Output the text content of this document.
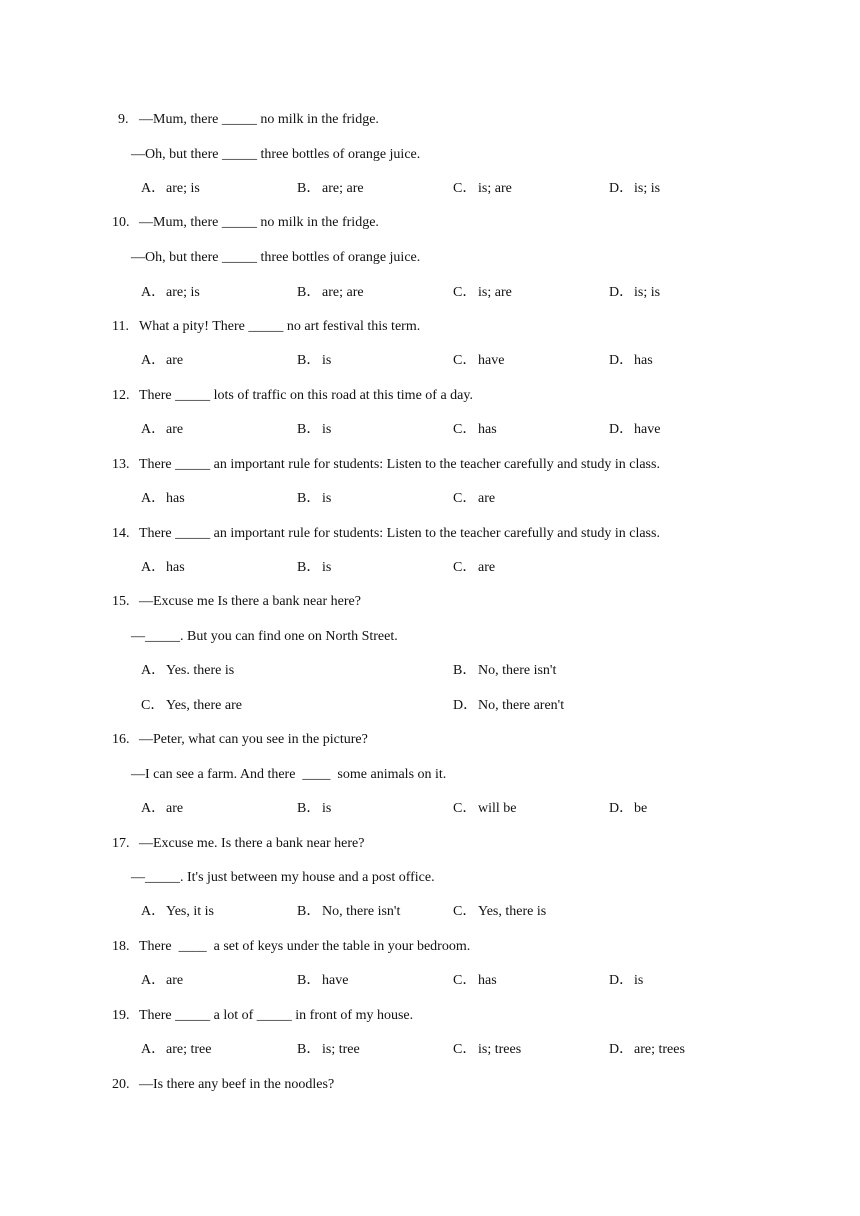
9. —Mum, there _____ no milk in the fridge.
—Oh, but there _____ three bottles of orange juice.
A．are; is	B． are; are	C． is; are	D．is; is
10. —Mum, there _____ no milk in the fridge.
—Oh, but there _____ three bottles of orange juice.
A．are; is	B． are; are	C． is; are	D．is; is
11. What a pity! There _____ no art festival this term.
A．are	B． is	C． have	D．has
12. There _____ lots of traffic on this road at this time of a day.
A．are	B． is	C． has	D．have
13. There _____ an important rule for students: Listen to the teacher carefully and study in class.
A．has	B． is	C． are
14. There _____ an important rule for students: Listen to the teacher carefully and study in class.
A．has	B． is	C． are
15. —Excuse me Is there a bank near here?
—_____. But you can find one on North Street.
A．Yes. there is	B． No, there isn't
C． Yes, there are	D．No, there aren't
16. —Peter, what can you see in the picture?
—I can see a farm. And there  ____  some animals on it.
A．are	B． is	C． will be	D．be
17. —Excuse me. Is there a bank near here?
—_____. It's just between my house and a post office.
A．Yes, it is	B． No, there isn't	C． Yes, there is
18. There  ____  a set of keys under the table in your bedroom.
A．are	B． have	C． has	D．is
19. There _____ a lot of _____ in front of my house.
A．are; tree	B． is; tree	C． is; trees	D．are; trees
20. —Is there any beef in the noodles?
